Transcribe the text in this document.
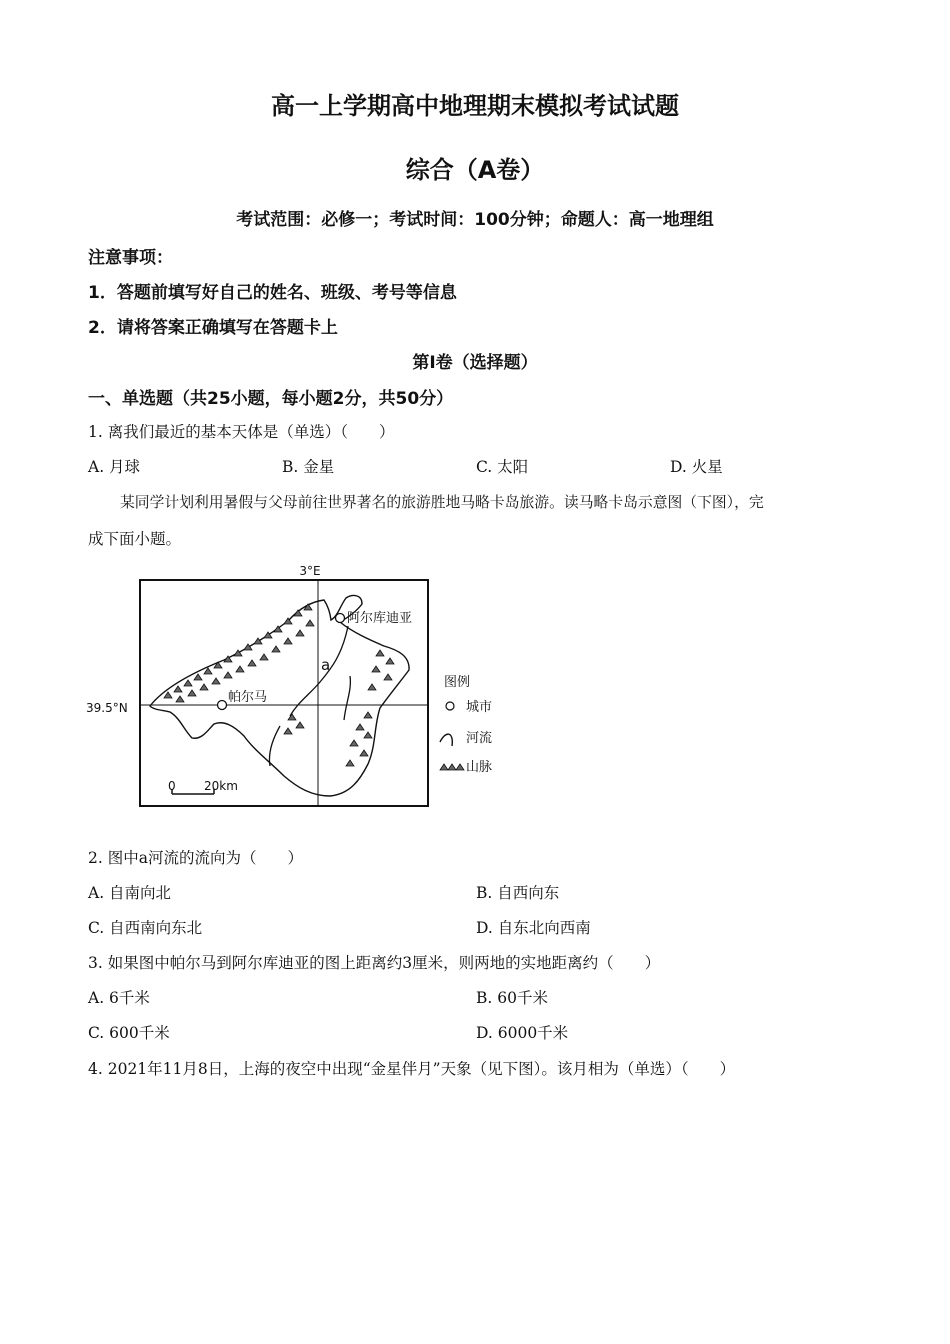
高一上学期高中地理期末模拟考试试题
综合（A卷）
考试范围：必修一；考试时间：100分钟；命题人：高一地理组
注意事项：
1．答题前填写好自己的姓名、班级、考号等信息
2．请将答案正确填写在答题卡上
第I卷（选择题）
一、单选题（共25小题，每小题2分，共50分）
1. 离我们最近的基本天体是（单选）（　　）
A. 月球	B. 金星	C. 太阳	D. 火星
某同学计划利用暑假与父母前往世界著名的旅游胜地马略卡岛旅游。读马略卡岛示意图（下图），完
成下面小题。
3°E
39.5°N
a
阿尔库迪亚
帕尔马
0 20km
图例
城市
河流
山脉
2. 图中a河流的流向为（　　）
A. 自南向北	B. 自西向东
C. 自西南向东北	D. 自东北向西南
3. 如果图中帕尔马到阿尔库迪亚的图上距离约3厘米，则两地的实地距离约（　　）
A. 6千米	B. 60千米
C. 600千米	D. 6000千米
4. 2021年11月8日，上海的夜空中出现“金星伴月”天象（见下图）。该月相为（单选）（　　）
